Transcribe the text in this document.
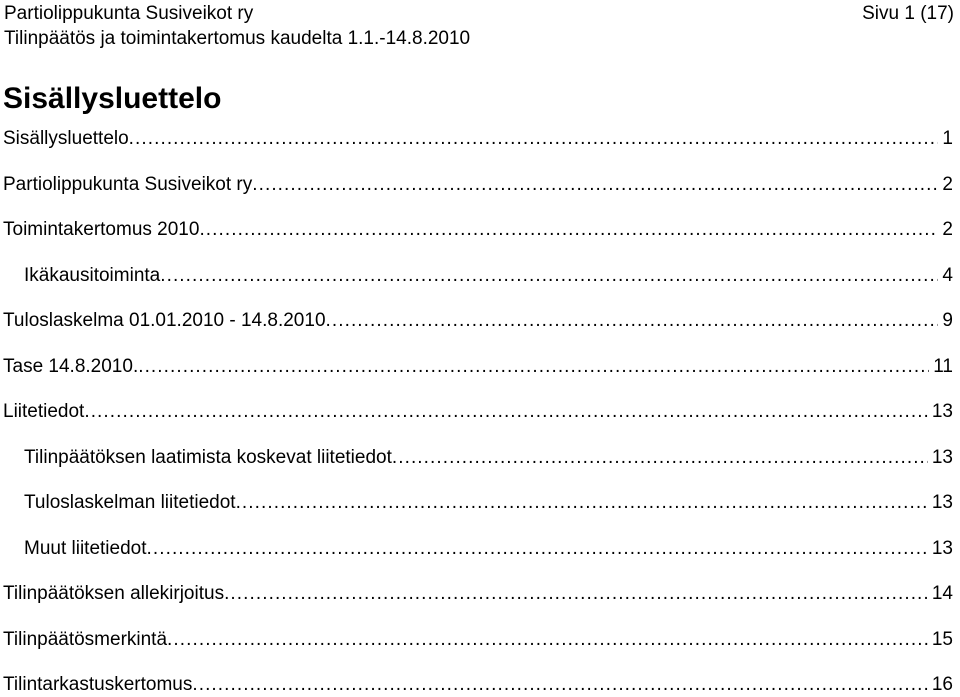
Partiolippukunta Susiveikot ry
Tilinpäätös ja toimintakertomus kaudelta 1.1.-14.8.2010
Sivu 1 (17)
Sisällysluettelo
Sisällysluettelo . . .	1
Partiolippukunta Susiveikot ry . . .	2
Toimintakertomus 2010 . . .	2
Ikäkausitoiminta . . .	4
Tuloslaskelma 01.01.2010 - 14.8.2010 . . .	9
Tase 14.8.2010. . . .	11
Liitetiedot . . .	13
Tilinpäätöksen laatimista koskevat liitetiedot . . .	13
Tuloslaskelman liitetiedot . . .	13
Muut liitetiedot . . .	13
Tilinpäätöksen allekirjoitus . . .	14
Tilinpäätösmerkintä . . .	15
Tilintarkastuskertomus . . .	16
